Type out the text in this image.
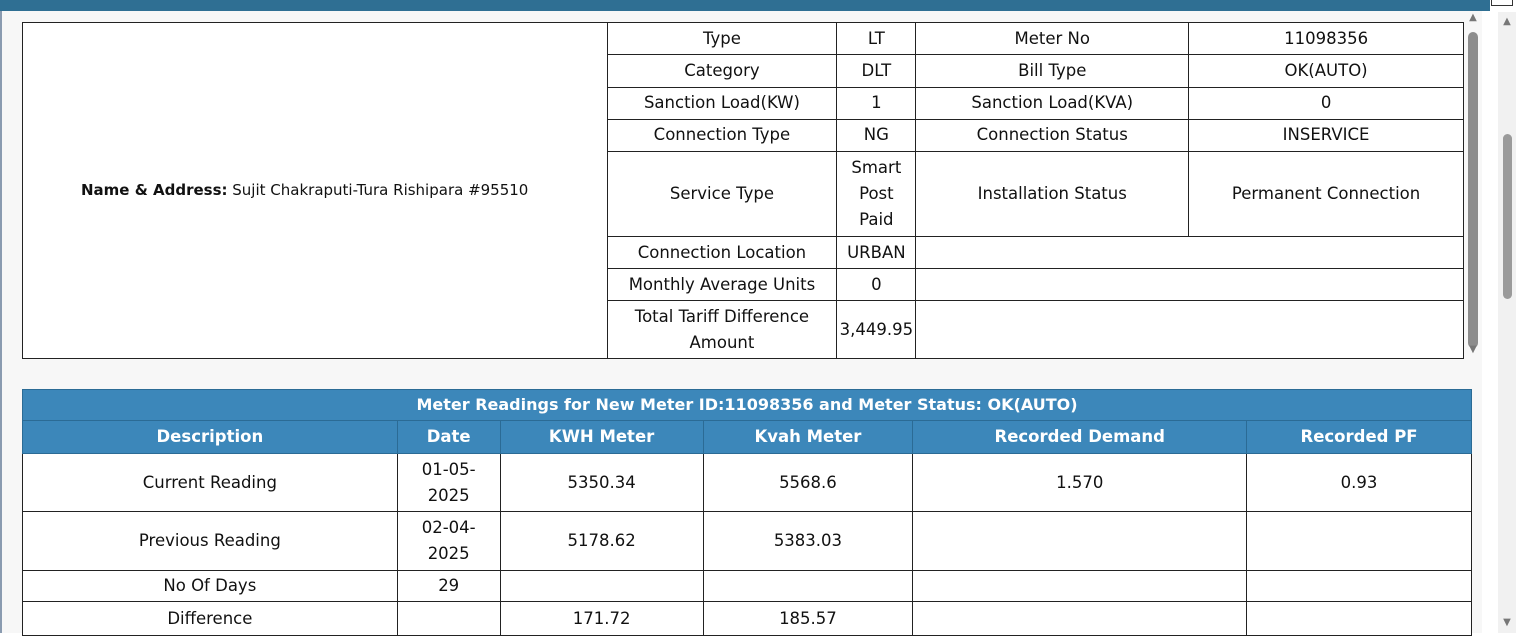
Name & Address: Sujit Chakraputi-Tura Rishipara #95510	Type	LT	Meter No	11098356
	Category	DLT	Bill Type	OK(AUTO)
	Sanction Load(KW)	1	Sanction Load(KVA)	0
	Connection Type	NG	Connection Status	INSERVICE
	Service Type	Smart Post Paid	Installation Status	Permanent Connection
	Connection Location	URBAN		
	Monthly Average Units	0		
	Total Tariff Difference Amount	3,449.95		
▲
▼
Meter Readings for New Meter ID:11098356 and Meter Status: OK(AUTO)					
Description	Date	KWH Meter	Kvah Meter	Recorded Demand	Recorded PF
Current Reading	01-05-2025	5350.34	5568.6	1.570	0.93
Previous Reading	02-04-2025	5178.62	5383.03		
No Of Days	29				
Difference		171.72	185.57		
▲
▼
